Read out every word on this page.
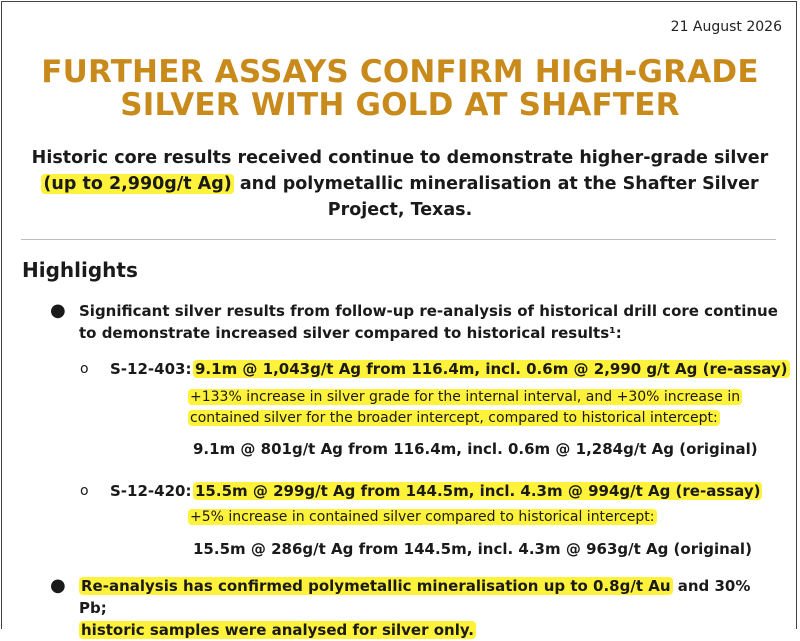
21 August 2026
FURTHER ASSAYS CONFIRM HIGH-GRADE
SILVER WITH GOLD AT SHAFTER
Historic core results received continue to demonstrate higher-grade silver
(up to 2,990g/t Ag) and polymetallic mineralisation at the Shafter Silver
Project, Texas.
Highlights
● Significant silver results from follow-up re-analysis of historical drill core continue
to demonstrate increased silver compared to historical results¹:
o S-12-403: 9.1m @ 1,043g/t Ag from 116.4m, incl. 0.6m @ 2,990 g/t Ag (re-assay)
+133% increase in silver grade for the internal interval, and +30% increase in
contained silver for the broader intercept, compared to historical intercept:
9.1m @ 801g/t Ag from 116.4m, incl. 0.6m @ 1,284g/t Ag (original)
o S-12-420: 15.5m @ 299g/t Ag from 144.5m, incl. 4.3m @ 994g/t Ag (re-assay)
+5% increase in contained silver compared to historical intercept:
15.5m @ 286g/t Ag from 144.5m, incl. 4.3m @ 963g/t Ag (original)
● Re-analysis has confirmed polymetallic mineralisation up to 0.8g/t Au and 30% Pb;
historic samples were analysed for silver only.
